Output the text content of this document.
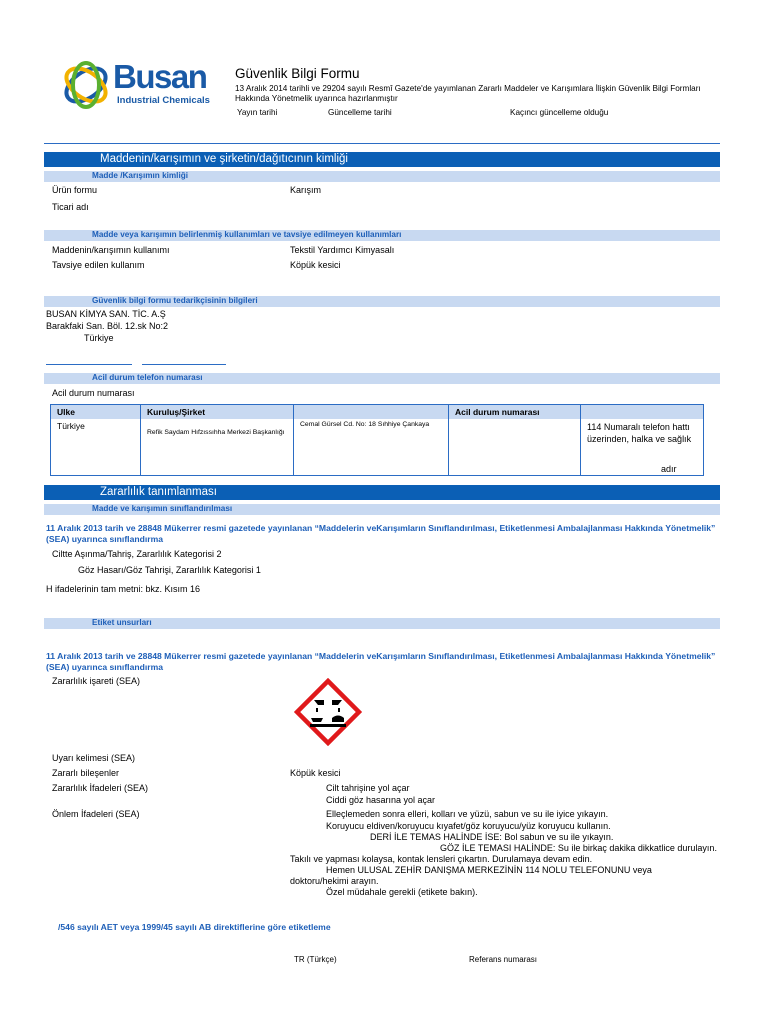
Busan
Industrial Chemicals
Güvenlik Bilgi Formu
13 Aralık 2014 tarihli ve 29204 sayılı Resmî Gazete'de yayımlanan Zararlı Maddeler ve Karışımlara İlişkin Güvenlik Bilgi Formları Hakkında Yönetmelik uyarınca hazırlanmıştır
Yayın tarihi	Güncelleme tarihi	Kaçıncı güncelleme olduğu
Maddenin/karışımın ve şirketin/dağıtıcının kimliği
Madde /Karışımın kimliği
Ürün formu	Karışım
Ticari adı
Madde veya karışımın belirlenmiş kullanımları ve tavsiye edilmeyen kullanımları
Maddenin/karışımın kullanımı	Tekstil Yardımcı Kimyasalı
Tavsiye edilen kullanım	Köpük kesici
Güvenlik bilgi formu tedarikçisinin bilgileri
BUSAN KİMYA SAN. TİC. A.Ş
Barakfaki San. Böl. 12.sk No:2
Türkiye
Acil durum telefon numarası
Acil durum numarası
Ulke	Kuruluş/Şirket		Acil durum numarası	
Türkiye	Refik Saydam Hıfzıssıhha Merkezi Başkanlığı	Cemal Gürsel Cd. No: 18 Sıhhiye Çankaya		114 Numaralı telefon hattı üzerinden, halka ve sağlık
adır
Zararlılık tanımlanması
Madde ve karışımın sınıflandırılması
11 Aralık 2013 tarih ve 28848 Mükerrer resmi gazetede yayınlanan “Maddelerin veKarışımların Sınıflandırılması, Etiketlenmesi Ambalajlanması Hakkında Yönetmelik” (SEA) uyarınca sınıflandırma
Ciltte Aşınma/Tahriş, Zararlılık Kategorisi 2
Göz Hasarı/Göz Tahrişi, Zararlılık Kategorisi 1
H ifadelerinin tam metni: bkz. Kısım 16
Etiket unsurları
11 Aralık 2013 tarih ve 28848 Mükerrer resmi gazetede yayınlanan “Maddelerin veKarışımların Sınıflandırılması, Etiketlenmesi Ambalajlanması Hakkında Yönetmelik” (SEA) uyarınca sınıflandırma
Zararlılık işareti (SEA)
Uyarı kelimesi (SEA)
Zararlı bileşenler	Köpük kesici
Zararlılık İfadeleri (SEA)	Cilt tahrişine yol açar
Ciddi göz hasarına yol açar
Önlem İfadeleri (SEA)	Elleçlemeden sonra elleri, kolları ve yüzü, sabun ve su ile iyice yıkayın.
Koruyucu eldiven/koruyucu kıyafet/göz koruyucu/yüz koruyucu kullanın.
DERİ İLE TEMAS HALİNDE İSE: Bol sabun ve su ile yıkayın.
GÖZ İLE TEMASI HALİNDE: Su ile birkaç dakika dikkatlice durulayın.
Takılı ve yapması kolaysa, kontak lensleri çıkartın. Durulamaya devam edin.
Hemen ULUSAL ZEHİR DANIŞMA MERKEZİNİN 114 NOLU TELEFONUNU veya
doktoru/hekimi arayın.
Özel müdahale gerekli (etikete bakın).
/546 sayılı AET veya 1999/45 sayılı AB direktiflerine göre etiketleme
TR (Türkçe)	Referans numarası
